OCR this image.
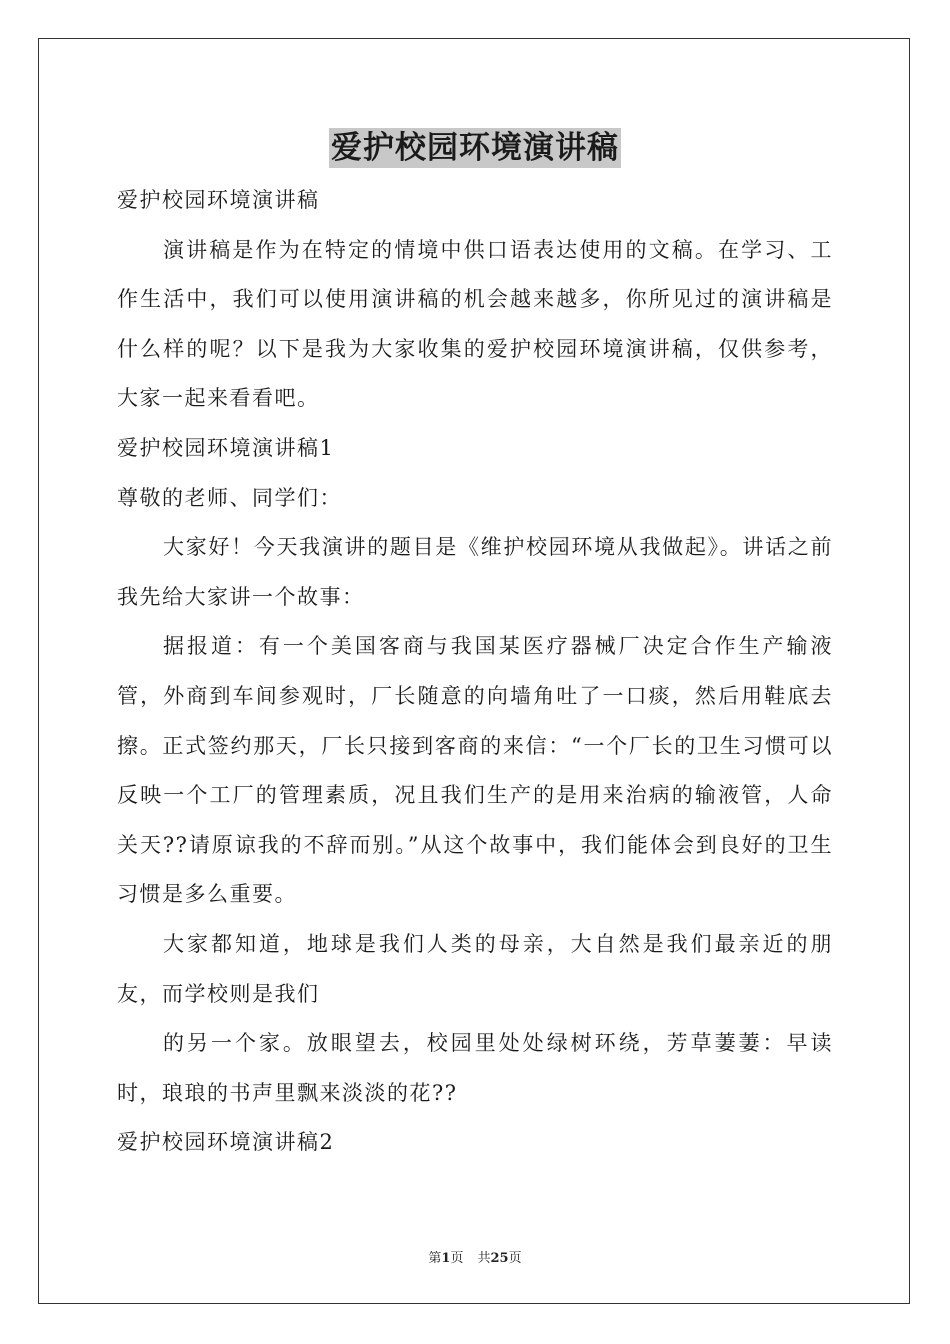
爱护校园环境演讲稿

爱护校园环境演讲稿

演讲稿是作为在特定的情境中供口语表达使用的文稿。在学习、工作生活中，我们可以使用演讲稿的机会越来越多，你所见过的演讲稿是什么样的呢？以下是我为大家收集的爱护校园环境演讲稿，仅供参考，大家一起来看看吧。

爱护校园环境演讲稿1

尊敬的老师、同学们：

大家好！今天我演讲的题目是《维护校园环境从我做起》。讲话之前我先给大家讲一个故事：

据报道：有一个美国客商与我国某医疗器械厂决定合作生产输液管，外商到车间参观时，厂长随意的向墙角吐了一口痰，然后用鞋底去擦。正式签约那天，厂长只接到客商的来信：“一个厂长的卫生习惯可以反映一个工厂的管理素质，况且我们生产的是用来治病的输液管，人命关天??请原谅我的不辞而别。”从这个故事中，我们能体会到良好的卫生习惯是多么重要。

大家都知道，地球是我们人类的母亲，大自然是我们最亲近的朋友，而学校则是我们

的另一个家。放眼望去，校园里处处绿树环绕，芳草萋萋：早读时，琅琅的书声里飘来淡淡的花??

爱护校园环境演讲稿2

第1页 共25页
